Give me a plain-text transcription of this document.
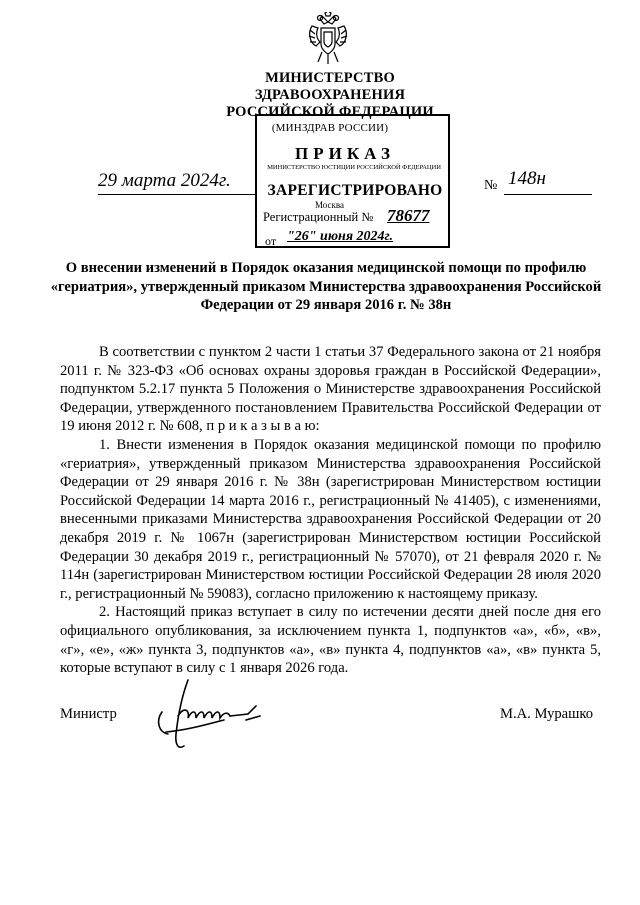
МИНИСТЕРСТВО ЗДРАВООХРАНЕНИЯ
РОССИЙСКОЙ ФЕДЕРАЦИИ
(МИНЗДРАВ РОССИИ)
ПРИКАЗ
МИНИСТЕРСТВО ЮСТИЦИИ РОССИЙСКОЙ ФЕДЕРАЦИИ
ЗАРЕГИСТРИРОВАНО
Москва
Регистрационный № 78677
от "26" июня 2024г.
29 марта 2024г.	№ 148н
О внесении изменений в Порядок оказания медицинской помощи по профилю «гериатрия», утвержденный приказом Министерства здравоохранения Российской Федерации от 29 января 2016 г. № 38н

В соответствии с пунктом 2 части 1 статьи 37 Федерального закона от 21 ноября 2011 г. № 323-ФЗ «Об основах охраны здоровья граждан в Российской Федерации», подпунктом 5.2.17 пункта 5 Положения о Министерстве здравоохранения Российской Федерации, утвержденного постановлением Правительства Российской Федерации от 19 июня 2012 г. № 608, п р и к а з ы в а ю:

1. Внести изменения в Порядок оказания медицинской помощи по профилю «гериатрия», утвержденный приказом Министерства здравоохранения Российской Федерации от 29 января 2016 г. № 38н (зарегистрирован Министерством юстиции Российской Федерации 14 марта 2016 г., регистрационный № 41405), с изменениями, внесенными приказами Министерства здравоохранения Российской Федерации от 20 декабря 2019 г. № 1067н (зарегистрирован Министерством юстиции Российской Федерации 30 декабря 2019 г., регистрационный № 57070), от 21 февраля 2020 г. № 114н (зарегистрирован Министерством юстиции Российской Федерации 28 июля 2020 г., регистрационный № 59083), согласно приложению к настоящему приказу.

2. Настоящий приказ вступает в силу по истечении десяти дней после дня его официального опубликования, за исключением пункта 1, подпунктов «а», «б», «в», «г», «е», «ж» пункта 3, подпунктов «а», «в» пункта 4, подпунктов «а», «в» пункта 5, которые вступают в силу с 1 января 2026 года.

Министр	М.А. Мурашко
